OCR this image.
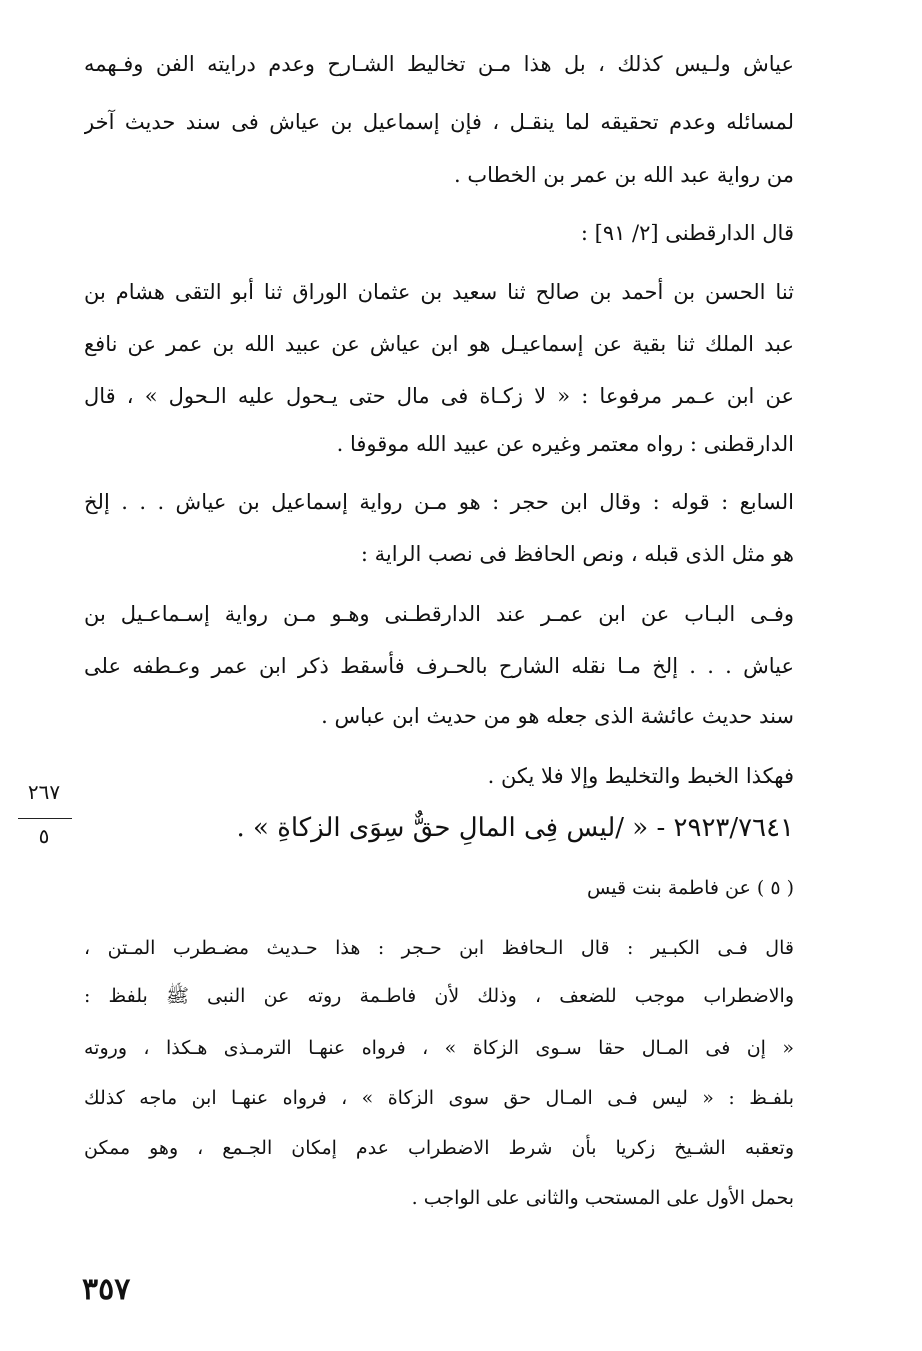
عياش ولـيس كذلك ، بل هذا مـن تخاليط الشـارح وعدم درايته الفن وفـهمه
لمسائله وعدم تحقيقه لما ينقـل ، فإن إسماعيل بن عياش فى سند حديث آخر
من رواية عبد الله بن عمر بن الخطاب .
قال الدارقطنى [٢/ ٩١] :
ثنا الحسن بن أحمد بن صالح ثنا سعيد بن عثمان الوراق ثنا أبو التقى هشام بن
عبد الملك ثنا بقية عن إسماعيـل هو ابن عياش عن عبيد الله بن عمر عن نافع
عن ابن عـمر مرفوعا : « لا زكـاة فى مال حتى يـحول عليه الـحول » ، قال
الدارقطنى : رواه معتمر وغيره عن عبيد الله موقوفا .
السابع : قوله : وقال ابن حجر : هو مـن رواية إسماعيل بن عياش . . . إلخ
هو مثل الذى قبله ، ونص الحافظ فى نصب الراية :
وفـى البـاب عن ابن عمـر عند الدارقطـنى وهـو مـن رواية إسـماعـيل بن
عياش . . . إلخ مـا نقله الشارح بالحـرف فأسقط ذكر ابن عمر وعـطفه على
سند حديث عائشة الذى جعله هو من حديث ابن عباس .
فهكذا الخبط والتخليط وإلا فلا يكن .
٢٦٧
٥	٢٩٢٣/٧٦٤١ - « /ليس فِى المالِ حقٌّ سِوَى الزكاةِ » .
( ٥ ) عن فاطمة بنت قيس
قال فـى الكبـير : قال الـحافظ ابن حـجر : هذا حـديث مضـطرب المـتن ،
والاضطراب موجب للضعف ، وذلك لأن فاطـمة روته عن النبى ﷺ بلفظ :
« إن فى المـال حقا سـوى الزكاة » ، فرواه عنهـا الترمـذى هـكذا ، وروته
بلفـظ : « ليس فـى المـال حق سوى الزكاة » ، فرواه عنهـا ابن ماجه كذلك
وتعقبه الشـيخ زكريا بأن شرط الاضطراب عدم إمكان الجـمع ، وهو ممكن
بحمل الأول على المستحب والثانى على الواجب .
٣٥٧
